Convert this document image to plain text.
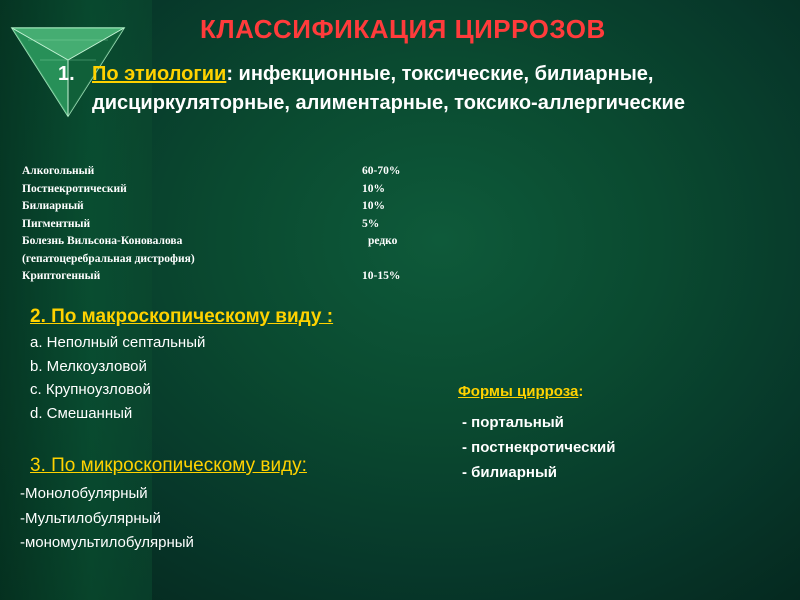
КЛАССИФИКАЦИЯ ЦИРРОЗОВ
1. По этиологии: инфекционные, токсические, билиарные, дисциркуляторные, алиментарные, токсико-аллергические
Алкогольный	60-70%
Постнекротический	10%
Билиарный	10%
Пигментный	5%
Болезнь Вильсона-Коновалова	редко
(гепатоцеребральная дистрофия)
Криптогенный	10-15%
2. По макроскопическому виду :
a. Неполный септальный
b. Мелкоузловой
c. Крупноузловой
d. Смешанный
3. По микроскопическому виду:
-Монолобулярный
-Мультилобулярный
-мономультилобулярный
Формы цирроза:
- портальный
- постнекротический
- билиарный
